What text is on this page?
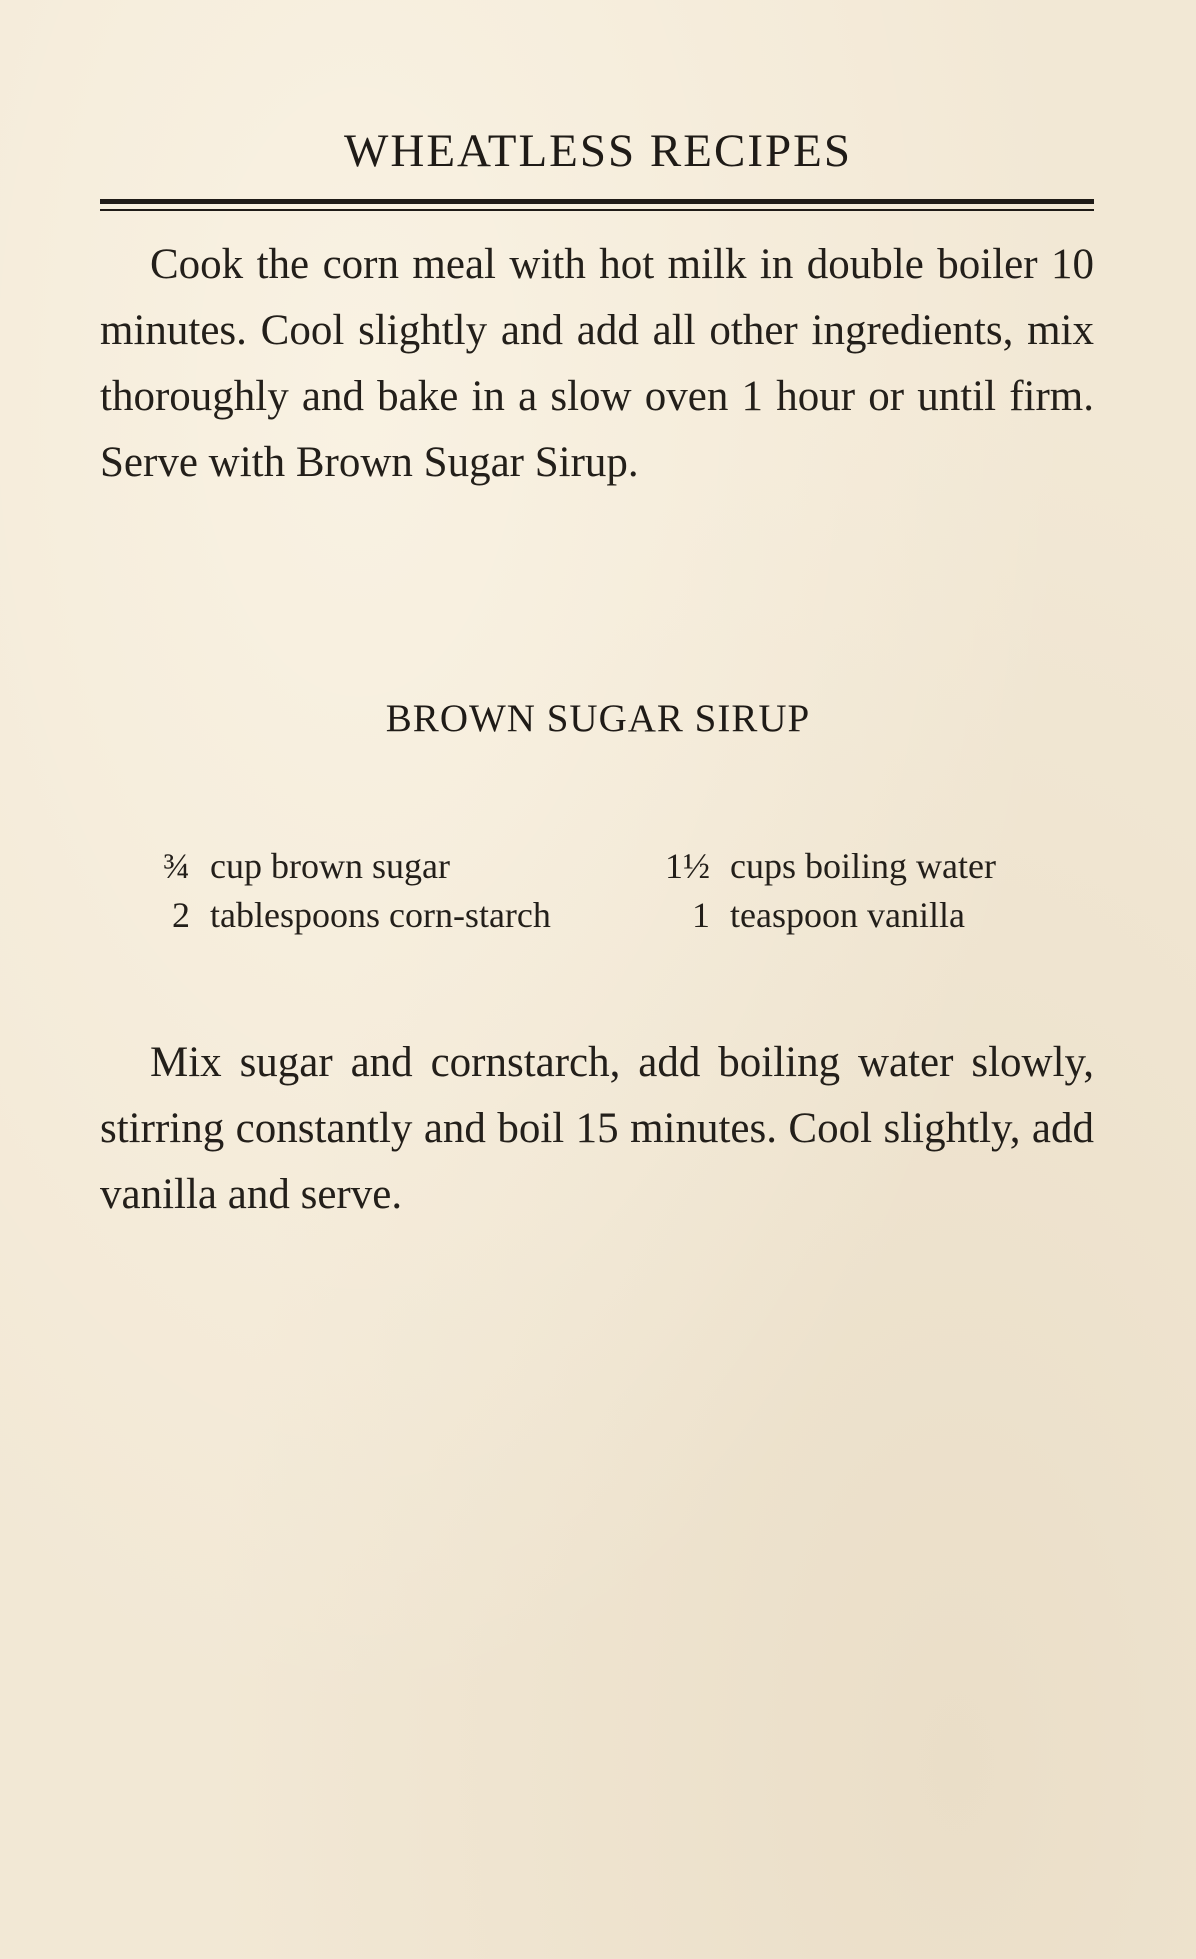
WHEATLESS RECIPES

Cook the corn meal with hot milk in double boiler 10 minutes. Cool slightly and add all other ingredients, mix thoroughly and bake in a slow oven 1 hour or until firm. Serve with Brown Sugar Sirup.

BROWN SUGAR SIRUP
¾ cup brown sugar
2 tablespoons corn-starch
1½ cups boiling water
1 teaspoon vanilla

Mix sugar and cornstarch, add boiling water slowly, stirring constantly and boil 15 minutes. Cool slightly, add vanilla and serve.
